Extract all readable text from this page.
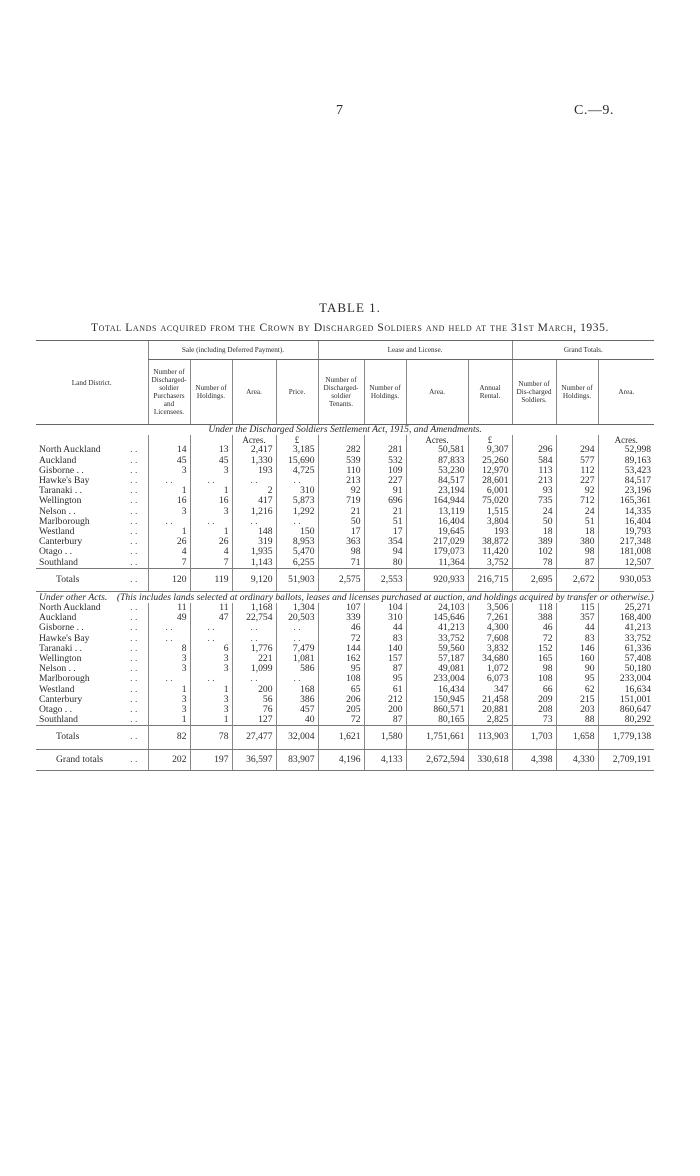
7	C.—9.
TABLE 1.
Total Lands acquired from the Crown by Discharged Soldiers and held at the 31st March, 1935.

Land District.		Sale (including Deferred Payment).				Lease and License.				Grand Totals.		
		Number of Discharged-soldier Purchasers and Licensees.	Number of Holdings.	Area.	Price.	Number of Discharged-soldier Tenants.	Number of Holdings.	Area.	Annual Rental.	Number of Dis-charged Soldiers.	Number of Holdings.	Area.
Under the Discharged Soldiers Settlement Act, 1915, and Amendments.												
				Acres.	£			Acres.	£			Acres.
North Auckland	. .	14	13	2,417	3,185	282	281	50,581	9,307	296	294	52,998
Auckland	. .	45	45	1,330	15,690	539	532	87,833	25,260	584	577	89,163
Gisborne . .	. .	3	3	193	4,725	110	109	53,230	12,970	113	112	53,423
Hawke's Bay	. .	. .	. .	. .	. .	213	227	84,517	28,601	213	227	84,517
Taranaki . .	. .	1	1	2	310	92	91	23,194	6,001	93	92	23,196
Wellington	. .	16	16	417	5,873	719	696	164,944	75,020	735	712	165,361
Nelson . .	. .	3	3	1,216	1,292	21	21	13,119	1,515	24	24	14,335
Marlborough	. .	. .	. .	. .	. .	50	51	16,404	3,804	50	51	16,404
Westland	. .	1	1	148	150	17	17	19,645	193	18	18	19,793
Canterbury	. .	26	26	319	8,953	363	354	217,029	38,872	389	380	217,348
Otago . .	. .	4	4	1,935	5,470	98	94	179,073	11,420	102	98	181,008
Southland	. .	7	7	1,143	6,255	71	80	11,364	3,752	78	87	12,507
Totals	. .	120	119	9,120	51,903	2,575	2,553	920,933	216,715	2,695	2,672	930,053
Under other Acts. (This includes lands selected at ordinary ballots, leases and licenses purchased at auction, and holdings acquired by transfer or otherwise.)												
North Auckland	. .	11	11	1,168	1,304	107	104	24,103	3,506	118	115	25,271
Auckland	. .	49	47	22,754	20,503	339	310	145,646	7,261	388	357	168,400
Gisborne . .	. .	. .	. .	. .	. .	46	44	41,213	4,300	46	44	41,213
Hawke's Bay	. .	. .	. .	. .	. .	72	83	33,752	7,608	72	83	33,752
Taranaki . .	. .	8	6	1,776	7,479	144	140	59,560	3,832	152	146	61,336
Wellington	. .	3	3	221	1,081	162	157	57,187	34,680	165	160	57,408
Nelson . .	. .	3	3	1,099	586	95	87	49,081	1,072	98	90	50,180
Marlborough	. .	. .	. .	. .	. .	108	95	233,004	6,073	108	95	233,004
Westland	. .	1	1	200	168	65	61	16,434	347	66	62	16,634
Canterbury	. .	3	3	56	386	206	212	150,945	21,458	209	215	151,001
Otago . .	. .	3	3	76	457	205	200	860,571	20,881	208	203	860,647
Southland	. .	1	1	127	40	72	87	80,165	2,825	73	88	80,292
Totals	. .	82	78	27,477	32,004	1,621	1,580	1,751,661	113,903	1,703	1,658	1,779,138
Grand totals	. .	202	197	36,597	83,907	4,196	4,133	2,672,594	330,618	4,398	4,330	2,709,191
